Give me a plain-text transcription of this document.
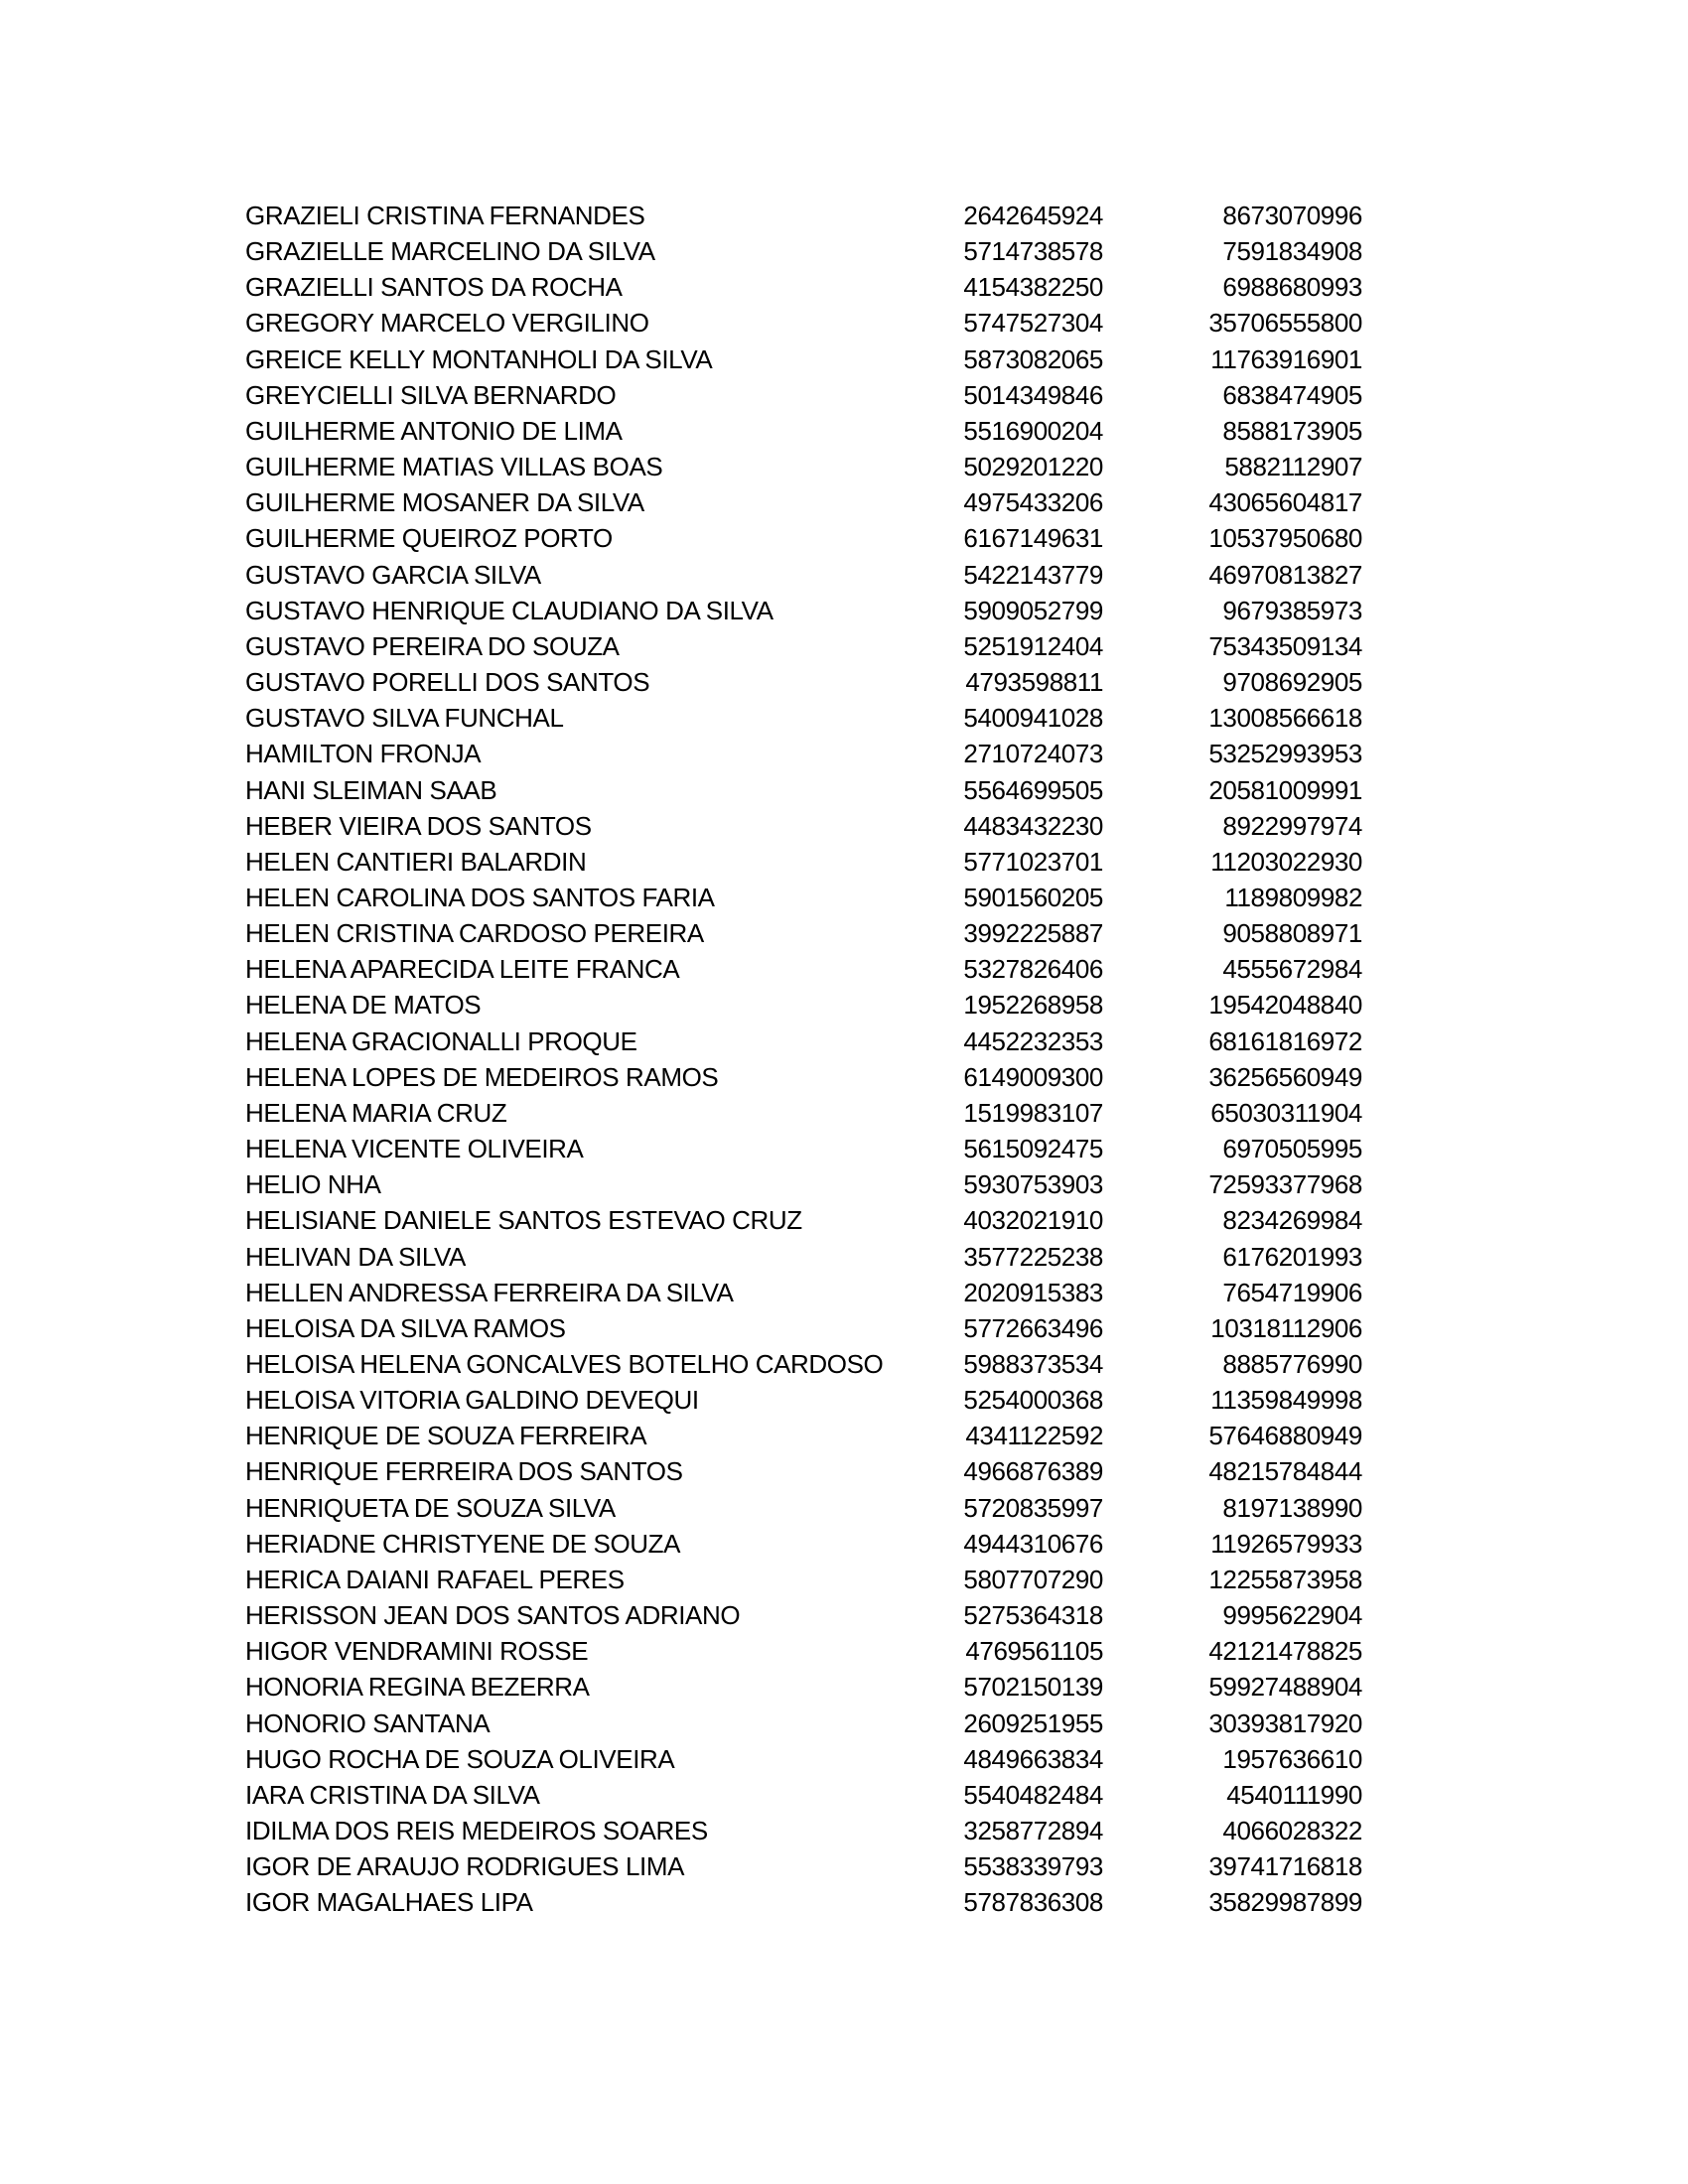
GRAZIELI CRISTINA FERNANDES	2642645924	8673070996
GRAZIELLE MARCELINO DA SILVA	5714738578	7591834908
GRAZIELLI SANTOS DA ROCHA	4154382250	6988680993
GREGORY MARCELO VERGILINO	5747527304	35706555800
GREICE KELLY MONTANHOLI DA SILVA	5873082065	11763916901
GREYCIELLI SILVA BERNARDO	5014349846	6838474905
GUILHERME ANTONIO DE LIMA	5516900204	8588173905
GUILHERME MATIAS VILLAS BOAS	5029201220	5882112907
GUILHERME MOSANER DA SILVA	4975433206	43065604817
GUILHERME QUEIROZ PORTO	6167149631	10537950680
GUSTAVO GARCIA SILVA	5422143779	46970813827
GUSTAVO HENRIQUE CLAUDIANO DA SILVA	5909052799	9679385973
GUSTAVO PEREIRA DO SOUZA	5251912404	75343509134
GUSTAVO PORELLI DOS SANTOS	4793598811	9708692905
GUSTAVO SILVA FUNCHAL	5400941028	13008566618
HAMILTON FRONJA	2710724073	53252993953
HANI SLEIMAN SAAB	5564699505	20581009991
HEBER VIEIRA DOS SANTOS	4483432230	8922997974
HELEN CANTIERI BALARDIN	5771023701	11203022930
HELEN CAROLINA DOS SANTOS FARIA	5901560205	1189809982
HELEN CRISTINA CARDOSO PEREIRA	3992225887	9058808971
HELENA APARECIDA LEITE FRANCA	5327826406	4555672984
HELENA DE MATOS	1952268958	19542048840
HELENA GRACIONALLI PROQUE	4452232353	68161816972
HELENA LOPES DE MEDEIROS RAMOS	6149009300	36256560949
HELENA MARIA CRUZ	1519983107	65030311904
HELENA VICENTE OLIVEIRA	5615092475	6970505995
HELIO NHA	5930753903	72593377968
HELISIANE DANIELE SANTOS ESTEVAO CRUZ	4032021910	8234269984
HELIVAN DA SILVA	3577225238	6176201993
HELLEN ANDRESSA FERREIRA DA SILVA	2020915383	7654719906
HELOISA DA SILVA RAMOS	5772663496	10318112906
HELOISA HELENA GONCALVES BOTELHO CARDOSO	5988373534	8885776990
HELOISA VITORIA GALDINO DEVEQUI	5254000368	11359849998
HENRIQUE DE SOUZA FERREIRA	4341122592	57646880949
HENRIQUE FERREIRA DOS SANTOS	4966876389	48215784844
HENRIQUETA DE SOUZA SILVA	5720835997	8197138990
HERIADNE CHRISTYENE DE SOUZA	4944310676	11926579933
HERICA DAIANI RAFAEL PERES	5807707290	12255873958
HERISSON JEAN DOS SANTOS ADRIANO	5275364318	9995622904
HIGOR VENDRAMINI ROSSE	4769561105	42121478825
HONORIA REGINA BEZERRA	5702150139	59927488904
HONORIO SANTANA	2609251955	30393817920
HUGO ROCHA DE SOUZA OLIVEIRA	4849663834	1957636610
IARA CRISTINA DA SILVA	5540482484	4540111990
IDILMA DOS REIS MEDEIROS SOARES	3258772894	4066028322
IGOR DE ARAUJO RODRIGUES LIMA	5538339793	39741716818
IGOR MAGALHAES LIPA	5787836308	35829987899
